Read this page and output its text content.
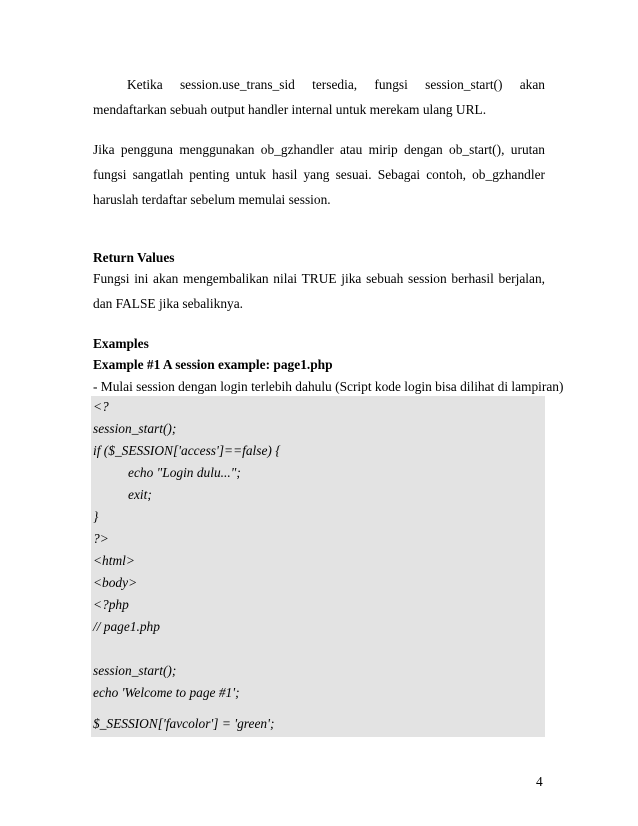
Ketika session.use_trans_sid tersedia, fungsi session_start() akan mendaftarkan sebuah output handler internal untuk merekam ulang URL.

Jika pengguna menggunakan ob_gzhandler atau mirip dengan ob_start(), urutan fungsi sangatlah penting untuk hasil yang sesuai. Sebagai contoh, ob_gzhandler haruslah terdaftar sebelum memulai session.

Return Values

Fungsi ini akan mengembalikan nilai TRUE jika sebuah session berhasil berjalan, dan FALSE jika sebaliknya.

Examples

Example #1 A session example: page1.php

- Mulai session dengan login terlebih dahulu (Script kode login bisa dilihat di lampiran)

<?
session_start();
if ($_SESSION['access']==false) {
echo "Login dulu...";
exit;
}
?>
<html>
<body>
<?php
// page1.php
session_start();
echo 'Welcome to page #1';
$_SESSION['favcolor'] = 'green';
4
